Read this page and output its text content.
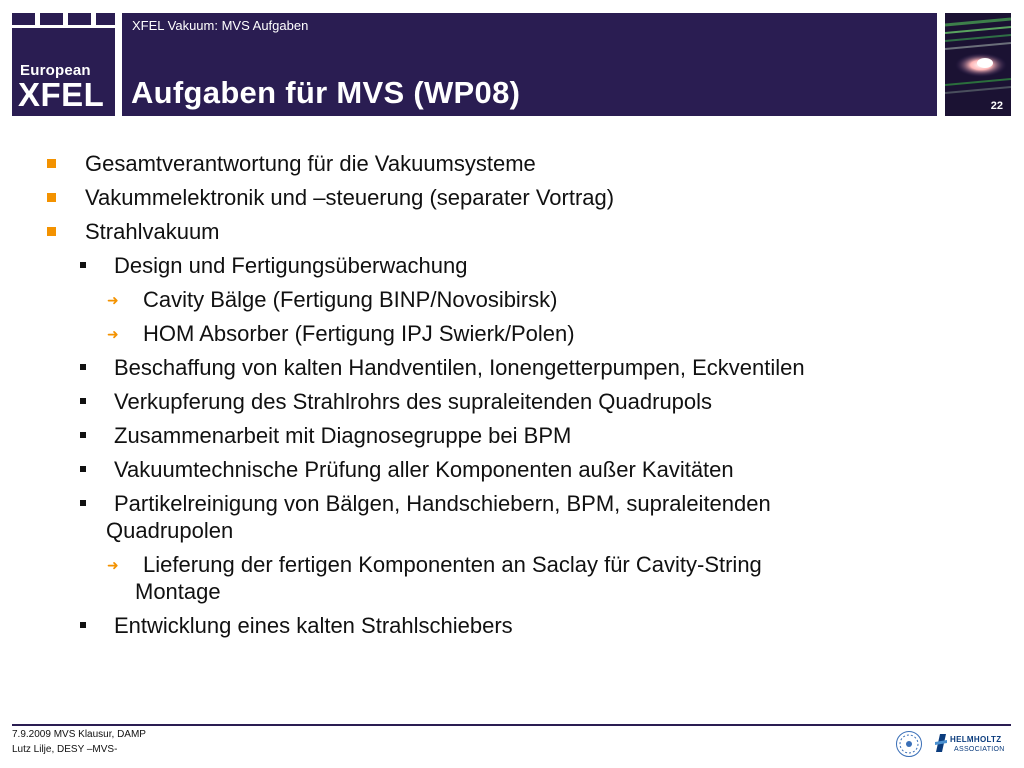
European
XFEL
XFEL Vakuum: MVS Aufgaben
Aufgaben für MVS (WP08)	22
Gesamtverantwortung für die Vakuumsysteme
Vakummelektronik und –steuerung (separater Vortrag)
Strahlvakuum
Design und Fertigungsüberwachung
➜ Cavity Bälge (Fertigung BINP/Novosibirsk)
➜ HOM Absorber (Fertigung IPJ Swierk/Polen)
Beschaffung von kalten Handventilen, Ionengetterpumpen, Eckventilen
Verkupferung des Strahlrohrs des supraleitenden Quadrupols
Zusammenarbeit mit Diagnosegruppe bei BPM
Vakuumtechnische Prüfung aller Komponenten außer Kavitäten
Partikelreinigung von Bälgen, Handschiebern, BPM, supraleitenden
Quadrupolen
➜ Lieferung der fertigen Komponenten an Saclay für Cavity-String
Montage
Entwicklung eines kalten Strahlschiebers
7.9.2009 MVS Klausur, DAMP
Lutz Lilje, DESY –MVS-
HELMHOLTZ
ASSOCIATION
